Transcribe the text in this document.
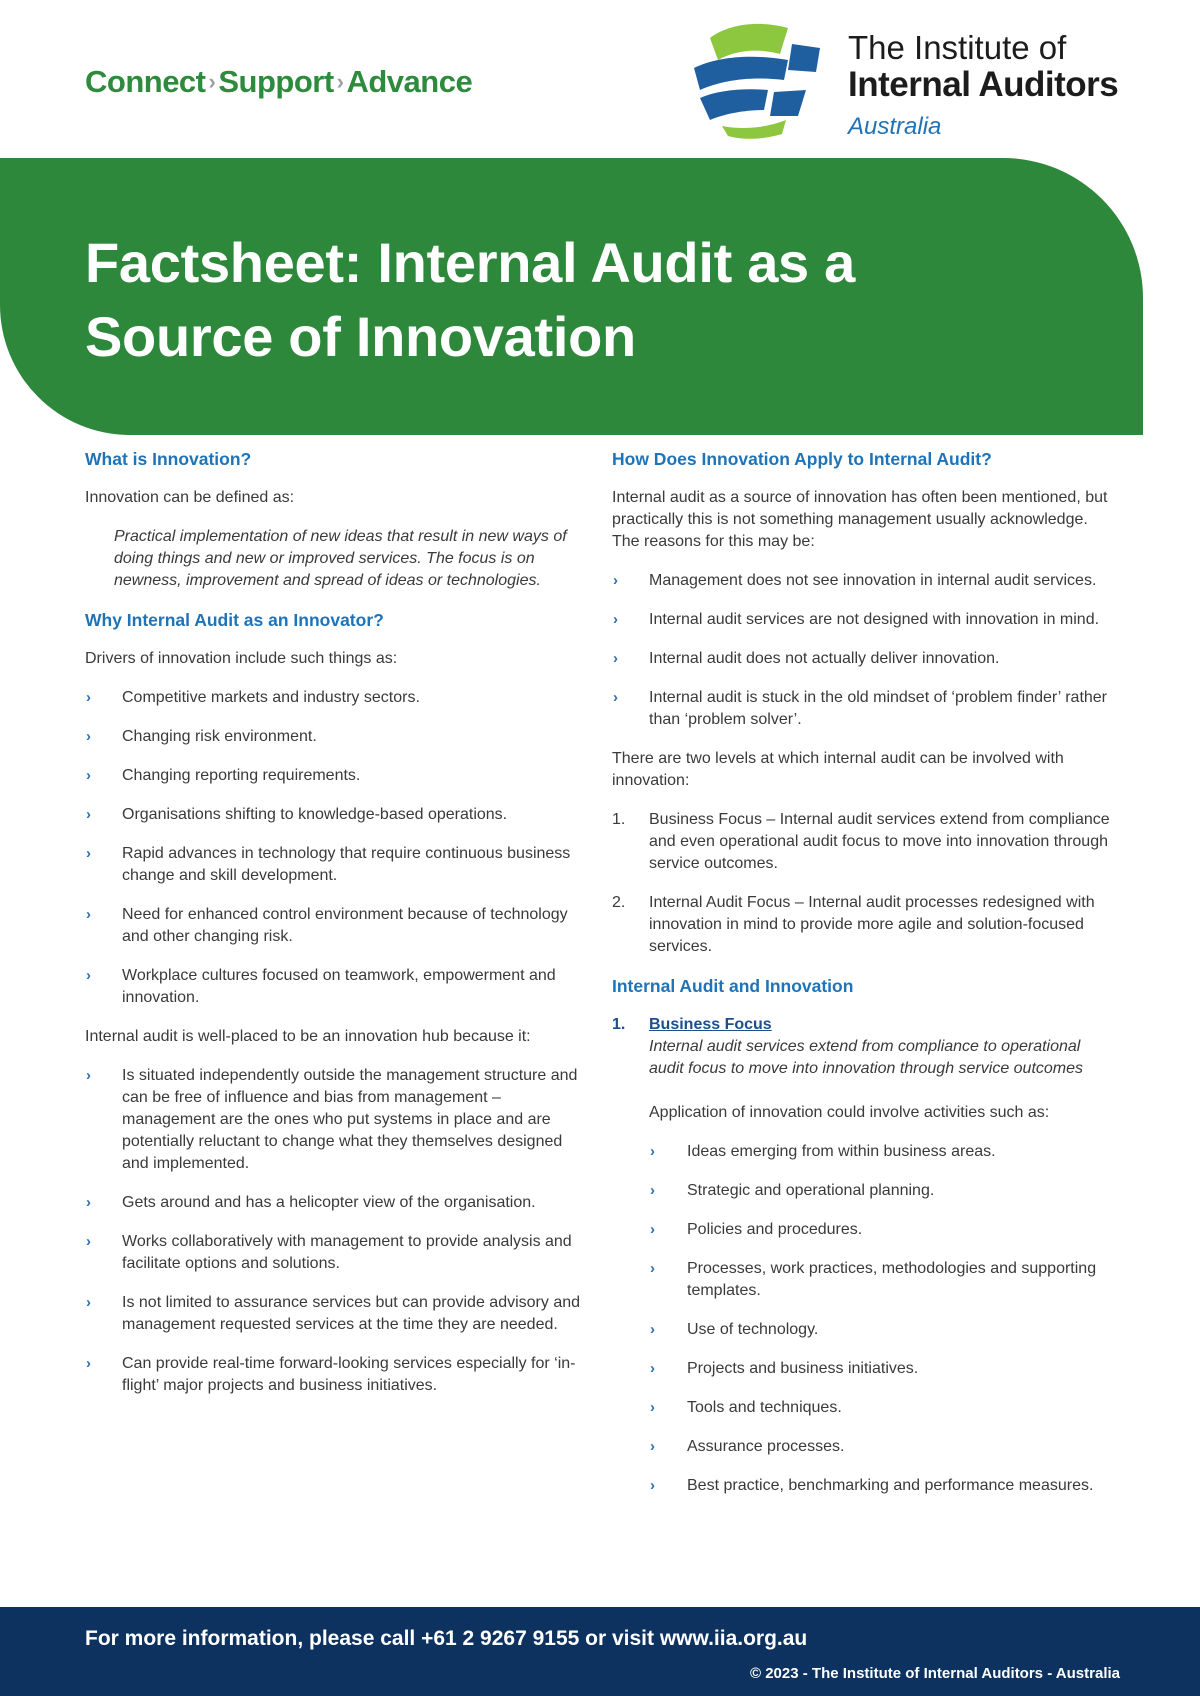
Connect › Support › Advance
The Institute of
Internal Auditors
Australia
Factsheet: Internal Audit as a
Source of Innovation
What is Innovation?

Innovation can be defined as:

Practical implementation of new ideas that result in new ways of doing things and new or improved services. The focus is on newness, improvement and spread of ideas or technologies.

Why Internal Audit as an Innovator?

Drivers of innovation include such things as:

› Competitive markets and industry sectors.
› Changing risk environment.
› Changing reporting requirements.
› Organisations shifting to knowledge-based operations.
› Rapid advances in technology that require continuous business change and skill development.
› Need for enhanced control environment because of technology and other changing risk.
› Workplace cultures focused on teamwork, empowerment and innovation.

Internal audit is well-placed to be an innovation hub because it:

› Is situated independently outside the management structure and can be free of influence and bias from management – management are the ones who put systems in place and are potentially reluctant to change what they themselves designed and implemented.
› Gets around and has a helicopter view of the organisation.
› Works collaboratively with management to provide analysis and facilitate options and solutions.
› Is not limited to assurance services but can provide advisory and management requested services at the time they are needed.
› Can provide real-time forward-looking services especially for ‘in-flight’ major projects and business initiatives.
How Does Innovation Apply to Internal Audit?

Internal audit as a source of innovation has often been mentioned, but practically this is not something management usually acknowledge. The reasons for this may be:

› Management does not see innovation in internal audit services.
› Internal audit services are not designed with innovation in mind.
› Internal audit does not actually deliver innovation.
› Internal audit is stuck in the old mindset of ‘problem finder’ rather than ‘problem solver’.

There are two levels at which internal audit can be involved with innovation:

1. Business Focus – Internal audit services extend from compliance and even operational audit focus to move into innovation through service outcomes.
2. Internal Audit Focus – Internal audit processes redesigned with innovation in mind to provide more agile and solution-focused services.
Internal Audit and Innovation
1. Business Focus
Internal audit services extend from compliance to operational audit focus to move into innovation through service outcomes
Application of innovation could involve activities such as:
› Ideas emerging from within business areas.
› Strategic and operational planning.
› Policies and procedures.
› Processes, work practices, methodologies and supporting templates.
› Use of technology.
› Projects and business initiatives.
› Tools and techniques.
› Assurance processes.
› Best practice, benchmarking and performance measures.
For more information, please call +61 2 9267 9155 or visit www.iia.org.au
© 2023 - The Institute of Internal Auditors - Australia
